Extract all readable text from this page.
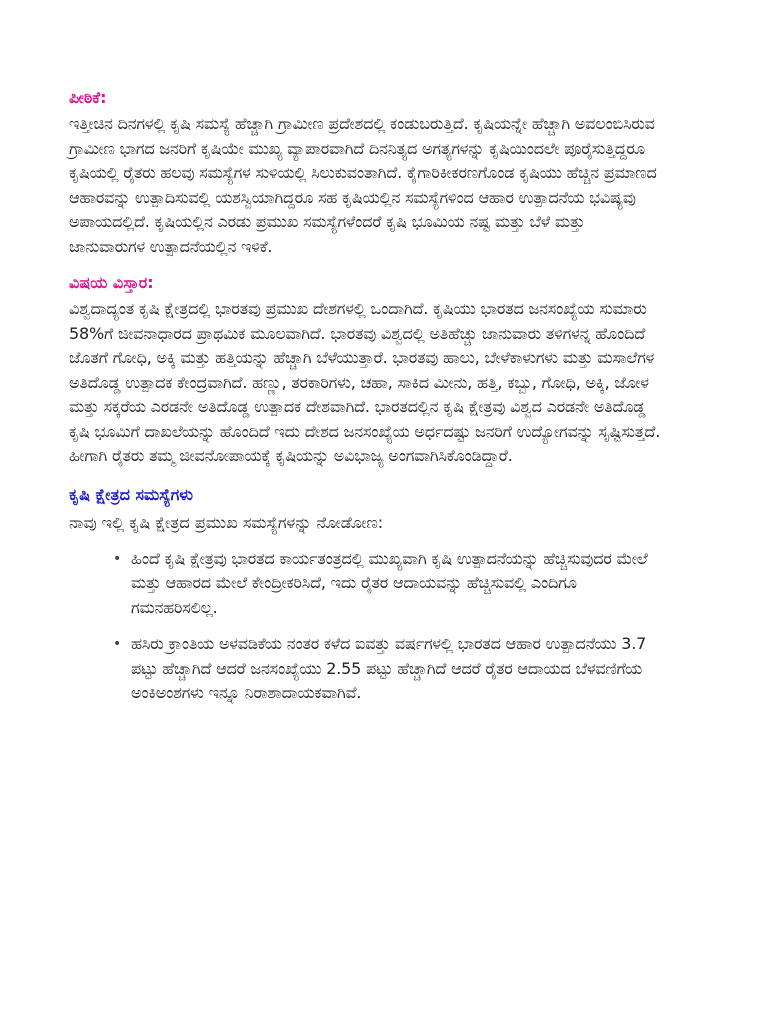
ಪೀಠಿಕೆ:

ಇತ್ತೀಚಿನ ದಿನಗಳಲ್ಲಿ ಕೃಷಿ ಸಮಸ್ಯೆ ಹೆಚ್ಚಾಗಿ ಗ್ರಾಮೀಣ ಪ್ರದೇಶದಲ್ಲಿ ಕಂಡುಬರುತ್ತಿದೆ. ಕೃಷಿಯನ್ನೇ ಹೆಚ್ಚಾಗಿ ಅವಲಂಬಿಸಿರುವ ಗ್ರಾಮೀಣ ಭಾಗದ ಜನರಿಗೆ ಕೃಷಿಯೇ ಮುಖ್ಯ ವ್ಯಾಪಾರವಾಗಿದೆ ದಿನನಿತ್ಯದ ಅಗತ್ಯಗಳನ್ನು ಕೃಷಿಯಿಂದಲೇ ಪೂರೈಸುತ್ತಿದ್ದರೂ ಕೃಷಿಯಲ್ಲಿ ರೈತರು ಹಲವು ಸಮಸ್ಯೆಗಳ ಸುಳಿಯಲ್ಲಿ ಸಿಲುಕುವಂತಾಗಿದೆ. ಕೈಗಾರಿಕೀಕರಣಗೊಂಡ ಕೃಷಿಯು ಹೆಚ್ಚಿನ ಪ್ರಮಾಣದ ಆಹಾರವನ್ನು ಉತ್ಪಾದಿಸುವಲ್ಲಿ ಯಶಸ್ವಿಯಾಗಿದ್ದರೂ ಸಹ ಕೃಷಿಯಲ್ಲಿನ ಸಮಸ್ಯೆಗಳಿಂದ ಆಹಾರ ಉತ್ಪಾದನೆಯ ಭವಿಷ್ಯವು ಅಪಾಯದಲ್ಲಿದೆ. ಕೃಷಿಯಲ್ಲಿನ ಎರಡು ಪ್ರಮುಖ ಸಮಸ್ಯೆಗಳೆಂದರೆ ಕೃಷಿ ಭೂಮಿಯ ನಷ್ಟ ಮತ್ತು ಬೆಳೆ ಮತ್ತು ಜಾನುವಾರುಗಳ ಉತ್ಪಾದನೆಯಲ್ಲಿನ ಇಳಿಕೆ.

ವಿಷಯ ವಿಸ್ತಾರ:

ವಿಶ್ವದಾದ್ಯಂತ ಕೃಷಿ ಕ್ಷೇತ್ರದಲ್ಲಿ ಭಾರತವು ಪ್ರಮುಖ ದೇಶಗಳಲ್ಲಿ ಒಂದಾಗಿದೆ. ಕೃಷಿಯು ಭಾರತದ ಜನಸಂಖ್ಯೆಯ ಸುಮಾರು 58%ಗೆ ಜೀವನಾಧಾರದ ಪ್ರಾಥಮಿಕ ಮೂಲವಾಗಿದೆ. ಭಾರತವು ವಿಶ್ವದಲ್ಲಿ ಅತಿಹೆಚ್ಚು ಜಾನುವಾರು ತಳಿಗಳನ್ನ ಹೊಂದಿದೆ ಜೊತಗೆ ಗೋಧಿ, ಅಕ್ಕಿ ಮತ್ತು ಹತ್ತಿಯನ್ನು ಹೆಚ್ಚಾಗಿ ಬೆಳೆಯುತ್ತಾರೆ. ಭಾರತವು ಹಾಲು, ಬೇಳೆಕಾಳುಗಳು ಮತ್ತು ಮಸಾಲೆಗಳ ಅತಿದೊಡ್ಡ ಉತ್ಪಾದಕ ಕೇಂದ್ರವಾಗಿದೆ. ಹಣ್ಣು, ತರಕಾರಿಗಳು, ಚಹಾ, ಸಾಕಿದ ಮೀನು, ಹತ್ತಿ, ಕಬ್ಬು, ಗೋಧಿ, ಅಕ್ಕಿ, ಜೋಳ ಮತ್ತು ಸಕ್ಕರೆಯ ಎರಡನೇ ಅತಿದೊಡ್ಡ ಉತ್ಪಾದಕ ದೇಶವಾಗಿದೆ. ಭಾರತದಲ್ಲಿನ ಕೃಷಿ ಕ್ಷೇತ್ರವು ವಿಶ್ವದ ಎರಡನೇ ಅತಿದೊಡ್ಡ ಕೃಷಿ ಭೂಮಿಗೆ ದಾಖಲೆಯನ್ನು ಹೊಂದಿದೆ ಇದು ದೇಶದ ಜನಸಂಖ್ಯೆಯ ಅರ್ಧದಷ್ಟು ಜನರಿಗೆ ಉದ್ಯೋಗವನ್ನು ಸೃಷ್ಟಿಸುತ್ತದೆ. ಹೀಗಾಗಿ ರೈತರು ತಮ್ಮ ಜೀವನೋಪಾಯಕ್ಕೆ ಕೃಷಿಯನ್ನು ಅವಿಭಾಜ್ಯ ಅಂಗವಾಗಿಸಿಕೊಂಡಿದ್ದಾರೆ.

ಕೃಷಿ ಕ್ಷೇತ್ರದ ಸಮಸ್ಯೆಗಳು

ನಾವು ಇಲ್ಲಿ ಕೃಷಿ ಕ್ಷೇತ್ರದ ಪ್ರಮುಖ ಸಮಸ್ಯೆಗಳನ್ನು ನೋಡೋಣ:

• ಹಿಂದೆ ಕೃಷಿ ಕ್ಷೇತ್ರವು ಭಾರತದ ಕಾರ್ಯತಂತ್ರದಲ್ಲಿ ಮುಖ್ಯವಾಗಿ ಕೃಷಿ ಉತ್ಪಾದನೆಯನ್ನು ಹೆಚ್ಚಿಸುವುದರ ಮೇಲೆ ಮತ್ತು ಆಹಾರದ ಮೇಲೆ ಕೇಂದ್ರೀಕರಿಸಿದೆ, ಇದು ರೈತರ ಆದಾಯವನ್ನು ಹೆಚ್ಚಿಸುವಲ್ಲಿ ಎಂದಿಗೂ ಗಮನಹರಿಸಲಿಲ್ಲ.
• ಹಸಿರು ಕ್ರಾಂತಿಯ ಅಳವಡಿಕೆಯ ನಂತರ ಕಳೆದ ಐವತ್ತು ವರ್ಷಗಳಲ್ಲಿ ಭಾರತದ ಆಹಾರ ಉತ್ಪಾದನೆಯು 3.7 ಪಟ್ಟು ಹೆಚ್ಚಾಗಿದೆ ಆದರೆ ಜನಸಂಖ್ಯೆಯು 2.55 ಪಟ್ಟು ಹೆಚ್ಚಾಗಿದೆ ಆದರೆ ರೈತರ ಆದಾಯದ ಬೆಳವಣಿಗೆಯ ಅಂಕಿಅಂಶಗಳು ಇನ್ನೂ ನಿರಾಶಾದಾಯಕವಾಗಿವೆ.
